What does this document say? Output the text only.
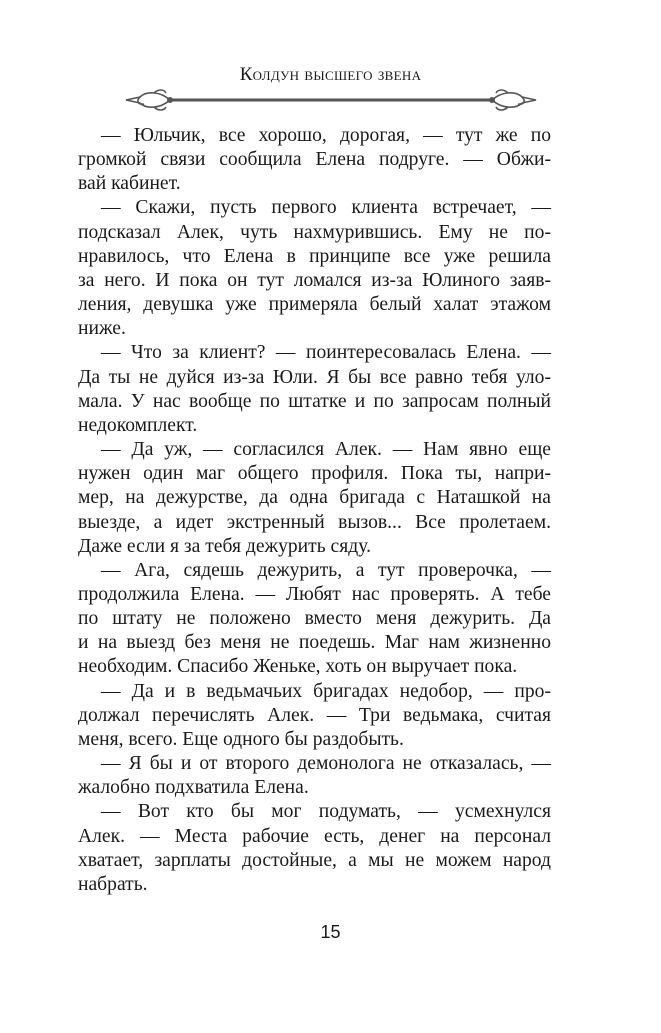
Колдун высшего звена
— Юльчик, все хорошо, дорогая, — тут же по
громкой связи сообщила Елена подруге. — Обжи-
вай кабинет.
— Скажи, пусть первого клиента встречает, —
подсказал Алек, чуть нахмурившись. Ему не по-
нравилось, что Елена в принципе все уже решила
за него. И пока он тут ломался из-за Юлиного заяв-
ления, девушка уже примеряла белый халат этажом
ниже.
— Что за клиент? — поинтересовалась Елена. —
Да ты не дуйся из-за Юли. Я бы все равно тебя уло-
мала. У нас вообще по штатке и по запросам полный
недокомплект.
— Да уж, — согласился Алек. — Нам явно еще
нужен один маг общего профиля. Пока ты, напри-
мер, на дежурстве, да одна бригада с Наташкой на
выезде, а идет экстренный вызов... Все пролетаем.
Даже если я за тебя дежурить сяду.
— Ага, сядешь дежурить, а тут проверочка, —
продолжила Елена. — Любят нас проверять. А тебе
по штату не положено вместо меня дежурить. Да
и на выезд без меня не поедешь. Маг нам жизненно
необходим. Спасибо Женьке, хоть он выручает пока.
— Да и в ведьмачьих бригадах недобор, — про-
должал перечислять Алек. — Три ведьмака, считая
меня, всего. Еще одного бы раздобыть.
— Я бы и от второго демонолога не отказалась, —
жалобно подхватила Елена.
— Вот кто бы мог подумать, — усмехнулся
Алек. — Места рабочие есть, денег на персонал
хватает, зарплаты достойные, а мы не можем народ
набрать.
15
